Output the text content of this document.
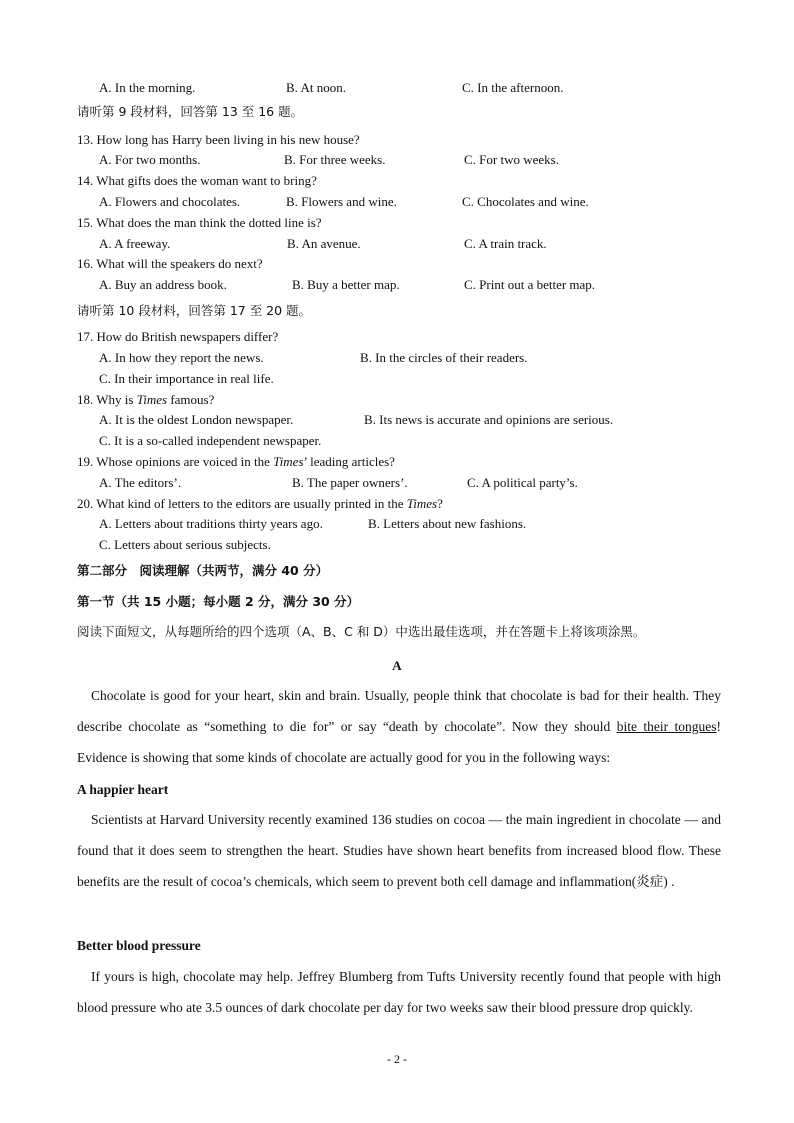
A. In the morning.	B. At noon.	C. In the afternoon.
请听第 9 段材料，回答第 13 至 16 题。
13. How long has Harry been living in his new house?
A. For two months.	B. For three weeks.	C. For two weeks.
14. What gifts does the woman want to bring?
A. Flowers and chocolates.	B. Flowers and wine.	C. Chocolates and wine.
15. What does the man think the dotted line is?
A. A freeway.	B. An avenue.	C. A train track.
16. What will the speakers do next?
A. Buy an address book.	B. Buy a better map.	C. Print out a better map.
请听第 10 段材料，回答第 17 至 20 题。
17. How do British newspapers differ?
A. In how they report the news.	B. In the circles of their readers.
C. In their importance in real life.
18. Why is Times famous?
A. It is the oldest London newspaper.	B. Its news is accurate and opinions are serious.
C. It is a so-called independent newspaper.
19. Whose opinions are voiced in the Times’ leading articles?
A. The editors’.	B. The paper owners’.	C. A political party’s.
20. What kind of letters to the editors are usually printed in the Times?
A. Letters about traditions thirty years ago.	B. Letters about new fashions.
C. Letters about serious subjects.
第二部分　阅读理解（共两节，满分 40 分）
第一节（共 15 小题；每小题 2 分，满分 30 分）
阅读下面短文，从每题所给的四个选项（A、B、C 和 D）中选出最佳选项，并在答题卡上将该项涂黑。
A
Chocolate is good for your heart, skin and brain. Usually, people think that chocolate is bad for their health. They describe chocolate as “something to die for” or say “death by chocolate”. Now they should bite their tongues! Evidence is showing that some kinds of chocolate are actually good for you in the following ways:
A happier heart
Scientists at Harvard University recently examined 136 studies on cocoa — the main ingredient in chocolate — and found that it does seem to strengthen the heart. Studies have shown heart benefits from increased blood flow. These benefits are the result of cocoa’s chemicals, which seem to prevent both cell damage and inflammation(炎症) .
Better blood pressure
If yours is high, chocolate may help. Jeffrey Blumberg from Tufts University recently found that people with high blood pressure who ate 3.5 ounces of dark chocolate per day for two weeks saw their blood pressure drop quickly.
- 2 -
